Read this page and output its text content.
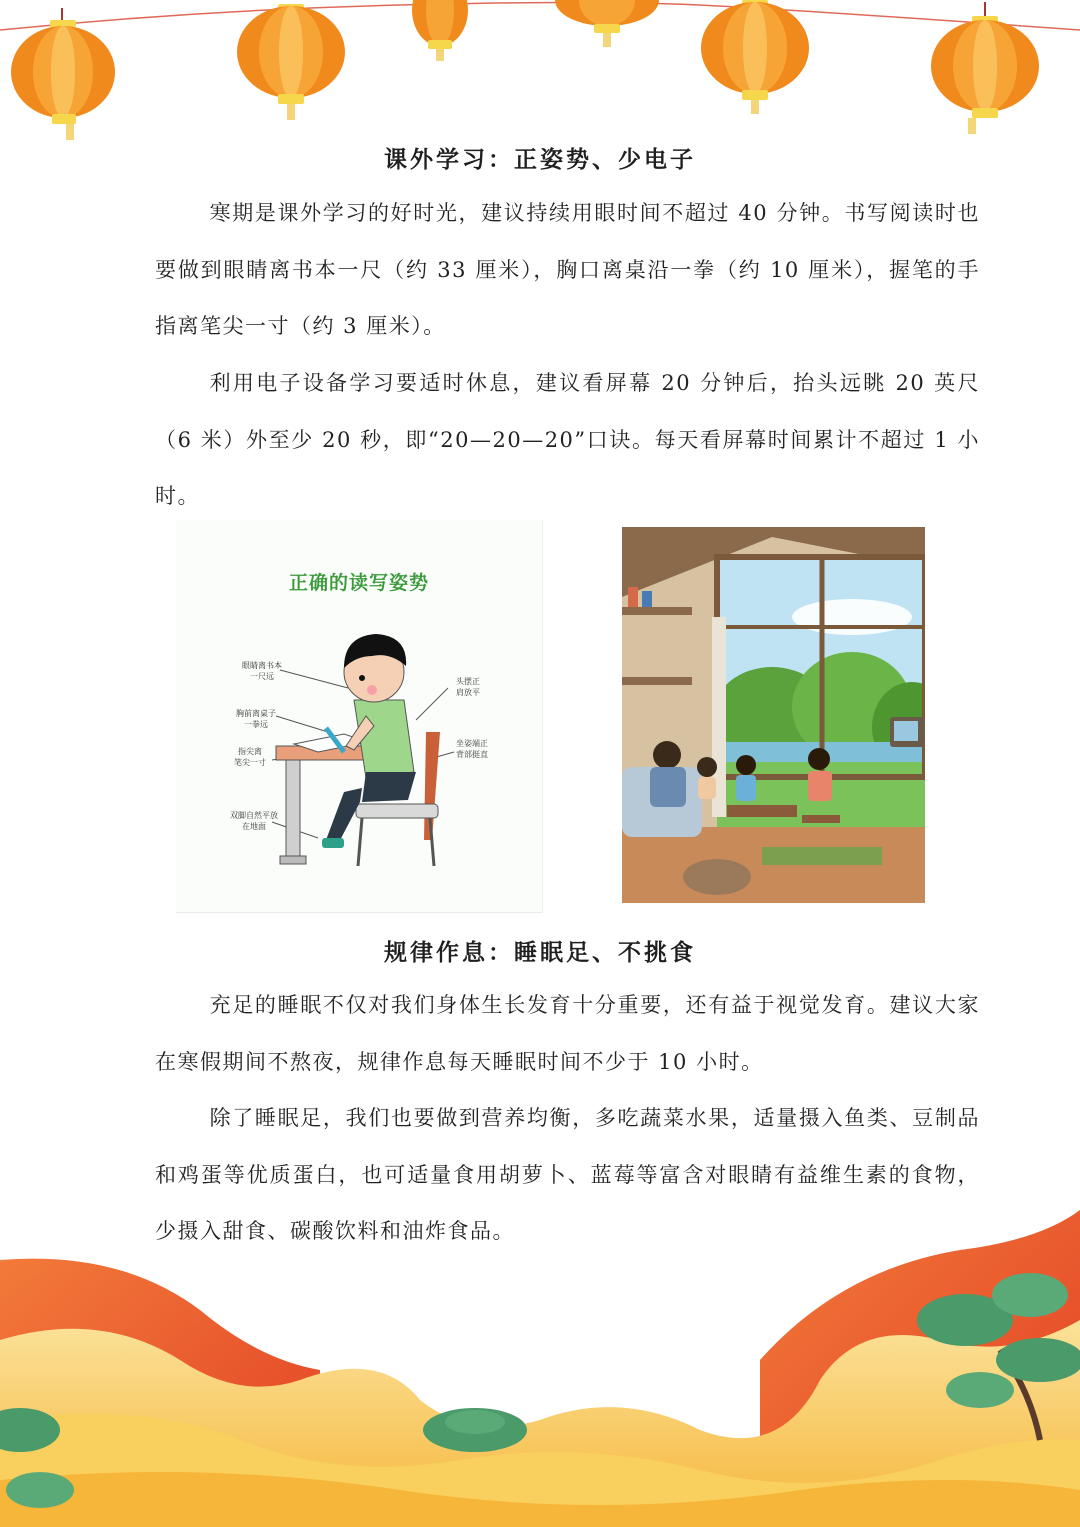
课外学习：正姿势、少电子

寒期是课外学习的好时光，建议持续用眼时间不超过 40 分钟。书写阅读时也要做到眼睛离书本一尺（约 33 厘米），胸口离桌沿一拳（约 10 厘米），握笔的手指离笔尖一寸（约 3 厘米）。

利用电子设备学习要适时休息，建议看屏幕 20 分钟后，抬头远眺 20 英尺（6 米）外至少 20 秒，即“20—20—20”口诀。每天看屏幕时间累计不超过 1 小时。

正确的读写姿势
眼睛离书本
一尺远
胸前离桌子
一拳远
指尖离
笔尖一寸
双脚自然平放
在地面
头摆正
肩放平
坐姿端正
背部挺直
规律作息：睡眠足、不挑食

充足的睡眠不仅对我们身体生长发育十分重要，还有益于视觉发育。建议大家在寒假期间不熬夜，规律作息每天睡眠时间不少于 10 小时。

除了睡眠足，我们也要做到营养均衡，多吃蔬菜水果，适量摄入鱼类、豆制品和鸡蛋等优质蛋白，也可适量食用胡萝卜、蓝莓等富含对眼睛有益维生素的食物，少摄入甜食、碳酸饮料和油炸食品。
